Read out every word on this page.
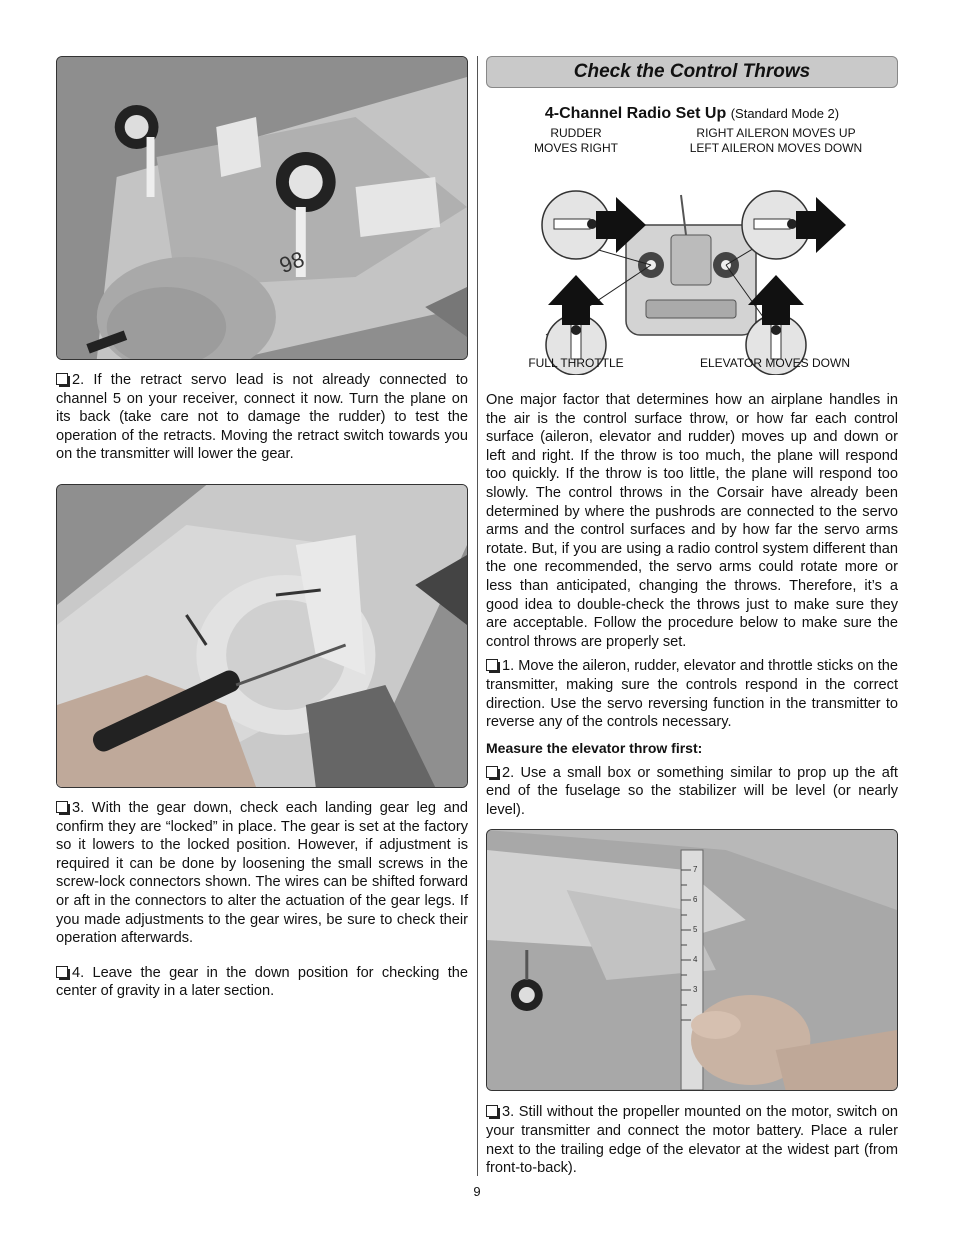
98

2. If the retract servo lead is not already connected to channel 5 on your receiver, connect it now. Turn the plane on its back (take care not to damage the rudder) to test the operation of the retracts. Moving the retract switch towards you on the transmitter will lower the gear.

3. With the gear down, check each landing gear leg and confirm they are “locked” in place. The gear is set at the factory so it lowers to the locked position. However, if adjustment is required it can be done by loosening the small screws in the screw-lock connectors shown. The wires can be shifted forward or aft in the connectors to alter the actuation of the gear legs. If you made adjustments to the gear wires, be sure to check their operation afterwards.

4. Leave the gear in the down position for checking the center of gravity in a later section.

Check the Control Throws
4-Channel Radio Set Up (Standard Mode 2)
RUDDER
MOVES RIGHT
RIGHT AILERON MOVES UP
LEFT AILERON MOVES DOWN
FULL THROTTLE	ELEVATOR MOVES DOWN

One major factor that determines how an airplane handles in the air is the control surface throw, or how far each control surface (aileron, elevator and rudder) moves up and down or left and right. If the throw is too much, the plane will respond too quickly. If the throw is too little, the plane will respond too slowly. The control throws in the Corsair have already been determined by where the pushrods are connected to the servo arms and the control surfaces and by how far the servo arms rotate. But, if you are using a radio control system different than the one recommended, the servo arms could rotate more or less than anticipated, changing the throws. Therefore, it’s a good idea to double-check the throws just to make sure they are acceptable. Follow the procedure below to make sure the control throws are properly set.

1. Move the aileron, rudder, elevator and throttle sticks on the transmitter, making sure the controls respond in the correct direction. Use the servo reversing function in the transmitter to reverse any of the controls necessary.

Measure the elevator throw first:

2. Use a small box or something similar to prop up the aft end of the fuselage so the stabilizer will be level (or nearly level).

7
6
5
4
3

3. Still without the propeller mounted on the motor, switch on your transmitter and connect the motor battery. Place a ruler next to the trailing edge of the elevator at the widest part (from front-to-back).

9
